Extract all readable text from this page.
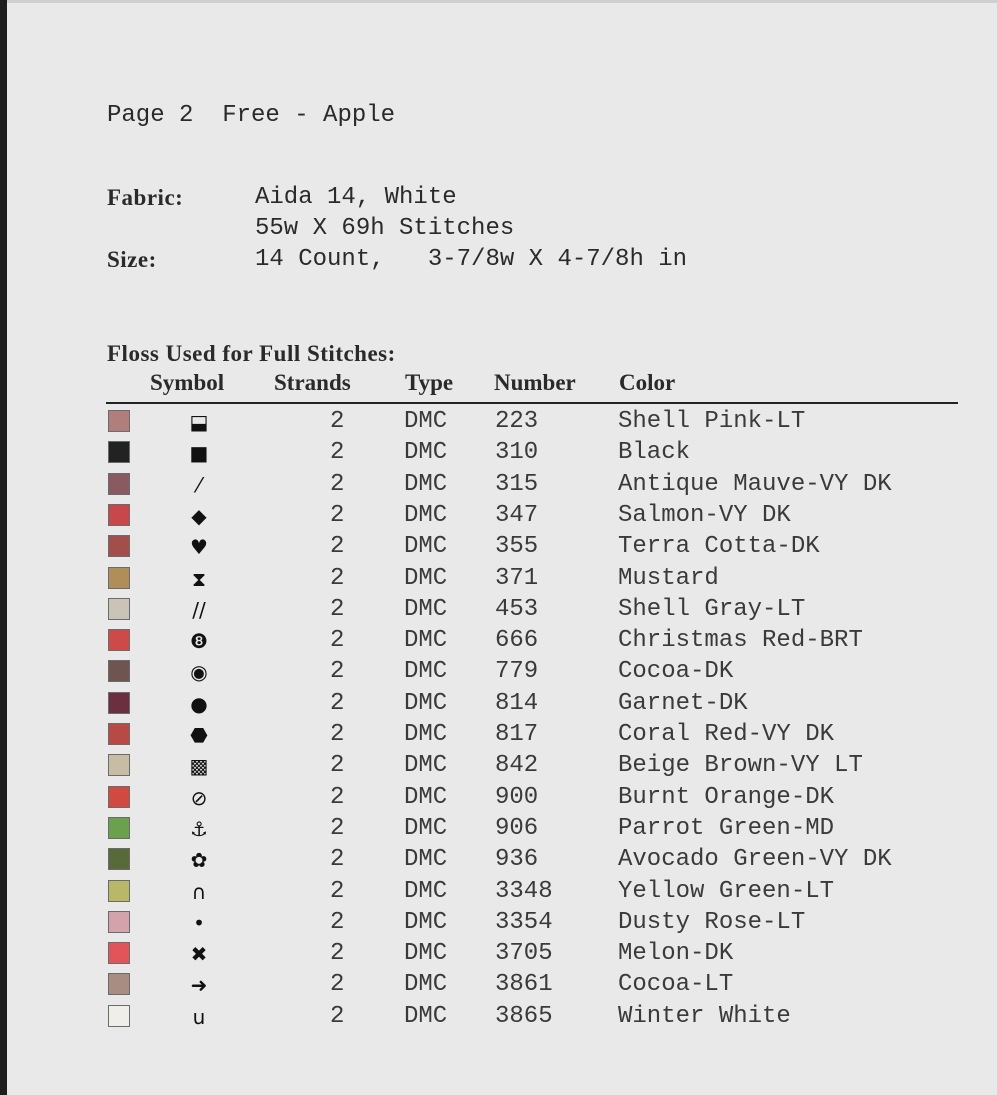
Page 2  Free - Apple
Fabric:	Aida 14, White
55w X 69h Stitches
Size:	14 Count,   3-7/8w X 4-7/8h in
Floss Used for Full Stitches:
Symbol Strands Type Number Color
⬓	2 DMC 223	Shell Pink-LT
■	2 DMC 310	Black
⁄	2 DMC 315	Antique Mauve-VY DK
◆	2 DMC 347	Salmon-VY DK
♥	2 DMC 355	Terra Cotta-DK
⧗	2 DMC 371	Mustard
//	2 DMC 453	Shell Gray-LT
❽	2 DMC 666	Christmas Red-BRT
◉	2 DMC 779	Cocoa-DK
●	2 DMC 814	Garnet-DK
⬣	2 DMC 817	Coral Red-VY DK
▩	2 DMC 842	Beige Brown-VY LT
⊘	2 DMC 900	Burnt Orange-DK
⚓	2 DMC 906	Parrot Green-MD
✿	2 DMC 936	Avocado Green-VY DK
∩	2 DMC 3348	Yellow Green-LT
•	2 DMC 3354	Dusty Rose-LT
✖	2 DMC 3705	Melon-DK
➜	2 DMC 3861	Cocoa-LT
u	2 DMC 3865	Winter White
